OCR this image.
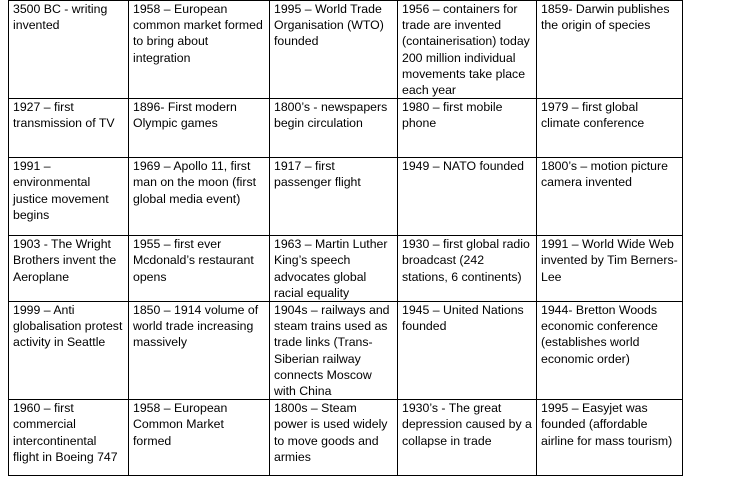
3500 BC - writing invented	1958 – European common market formed to bring about integration	1995 – World Trade Organisation (WTO) founded	1956 – containers for trade are invented (containerisation) today 200 million individual movements take place each year	1859- Darwin publishes the origin of species
1927 – first transmission of TV	1896- First modern Olympic games	1800’s - newspapers begin circulation	1980 – first mobile phone	1979 – first global climate conference
1991 – environmental justice movement begins	1969 – Apollo 11, first man on the moon (first global media event)	1917 – first passenger flight	1949 – NATO founded	1800’s – motion picture camera invented
1903 - The Wright Brothers invent the Aeroplane	1955 – first ever Mcdonald’s restaurant opens	1963 – Martin Luther King’s speech advocates global racial equality	1930 – first global radio broadcast (242 stations, 6 continents)	1991 – World Wide Web invented by Tim Berners-Lee
1999 – Anti globalisation protest activity in Seattle	1850 – 1914 volume of world trade increasing massively	1904s – railways and steam trains used as trade links (Trans-Siberian railway connects Moscow with China	1945 – United Nations founded	1944- Bretton Woods economic conference (establishes world economic order)
1960 – first commercial intercontinental flight in Boeing 747	1958 – European Common Market formed	1800s – Steam power is used widely to move goods and armies	1930’s - The great depression caused by a collapse in trade	1995 – Easyjet was founded (affordable airline for mass tourism)
